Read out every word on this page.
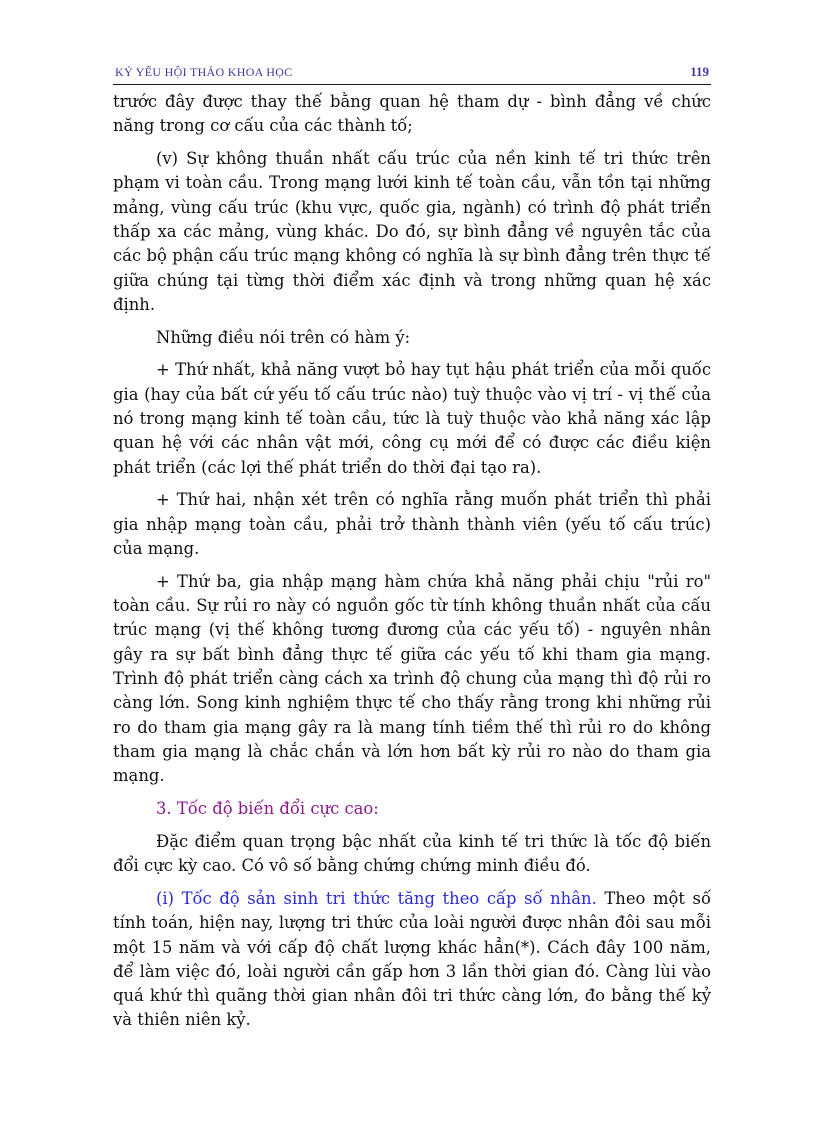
KỶ YẾU HỘI THẢO KHOA HỌC	119

trước đây được thay thế bằng quan hệ tham dự - bình đẳng về chức năng trong cơ cấu của các thành tố;

(v) Sự không thuần nhất cấu trúc của nền kinh tế tri thức trên phạm vi toàn cầu. Trong mạng lưới kinh tế toàn cầu, vẫn tồn tại những mảng, vùng cấu trúc (khu vực, quốc gia, ngành) có trình độ phát triển thấp xa các mảng, vùng khác. Do đó, sự bình đẳng về nguyên tắc của các bộ phận cấu trúc mạng không có nghĩa là sự bình đẳng trên thực tế giữa chúng tại từng thời điểm xác định và trong những quan hệ xác định.

Những điều nói trên có hàm ý:

+ Thứ nhất, khả năng vượt bỏ hay tụt hậu phát triển của mỗi quốc gia (hay của bất cứ yếu tố cấu trúc nào) tuỳ thuộc vào vị trí - vị thế của nó trong mạng kinh tế toàn cầu, tức là tuỳ thuộc vào khả năng xác lập quan hệ với các nhân vật mới, công cụ mới để có được các điều kiện phát triển (các lợi thế phát triển do thời đại tạo ra).

+ Thứ hai, nhận xét trên có nghĩa rằng muốn phát triển thì phải gia nhập mạng toàn cầu, phải trở thành thành viên (yếu tố cấu trúc) của mạng.

+ Thứ ba, gia nhập mạng hàm chứa khả năng phải chịu "rủi ro" toàn cầu. Sự rủi ro này có nguồn gốc từ tính không thuần nhất của cấu trúc mạng (vị thế không tương đương của các yếu tố) - nguyên nhân gây ra sự bất bình đẳng thực tế giữa các yếu tố khi tham gia mạng. Trình độ phát triển càng cách xa trình độ chung của mạng thì độ rủi ro càng lớn. Song kinh nghiệm thực tế cho thấy rằng trong khi những rủi ro do tham gia mạng gây ra là mang tính tiềm thế thì rủi ro do không tham gia mạng là chắc chắn và lớn hơn bất kỳ rủi ro nào do tham gia mạng.

3. Tốc độ biến đổi cực cao:

Đặc điểm quan trọng bậc nhất của kinh tế tri thức là tốc độ biến đổi cực kỳ cao. Có vô số bằng chứng chứng minh điều đó.

(i) Tốc độ sản sinh tri thức tăng theo cấp số nhân. Theo một số tính toán, hiện nay, lượng tri thức của loài người được nhân đôi sau mỗi một 15 năm và với cấp độ chất lượng khác hẳn(*). Cách đây 100 năm, để làm việc đó, loài người cần gấp hơn 3 lần thời gian đó. Càng lùi vào quá khứ thì quãng thời gian nhân đôi tri thức càng lớn, đo bằng thế kỷ và thiên niên kỷ.
